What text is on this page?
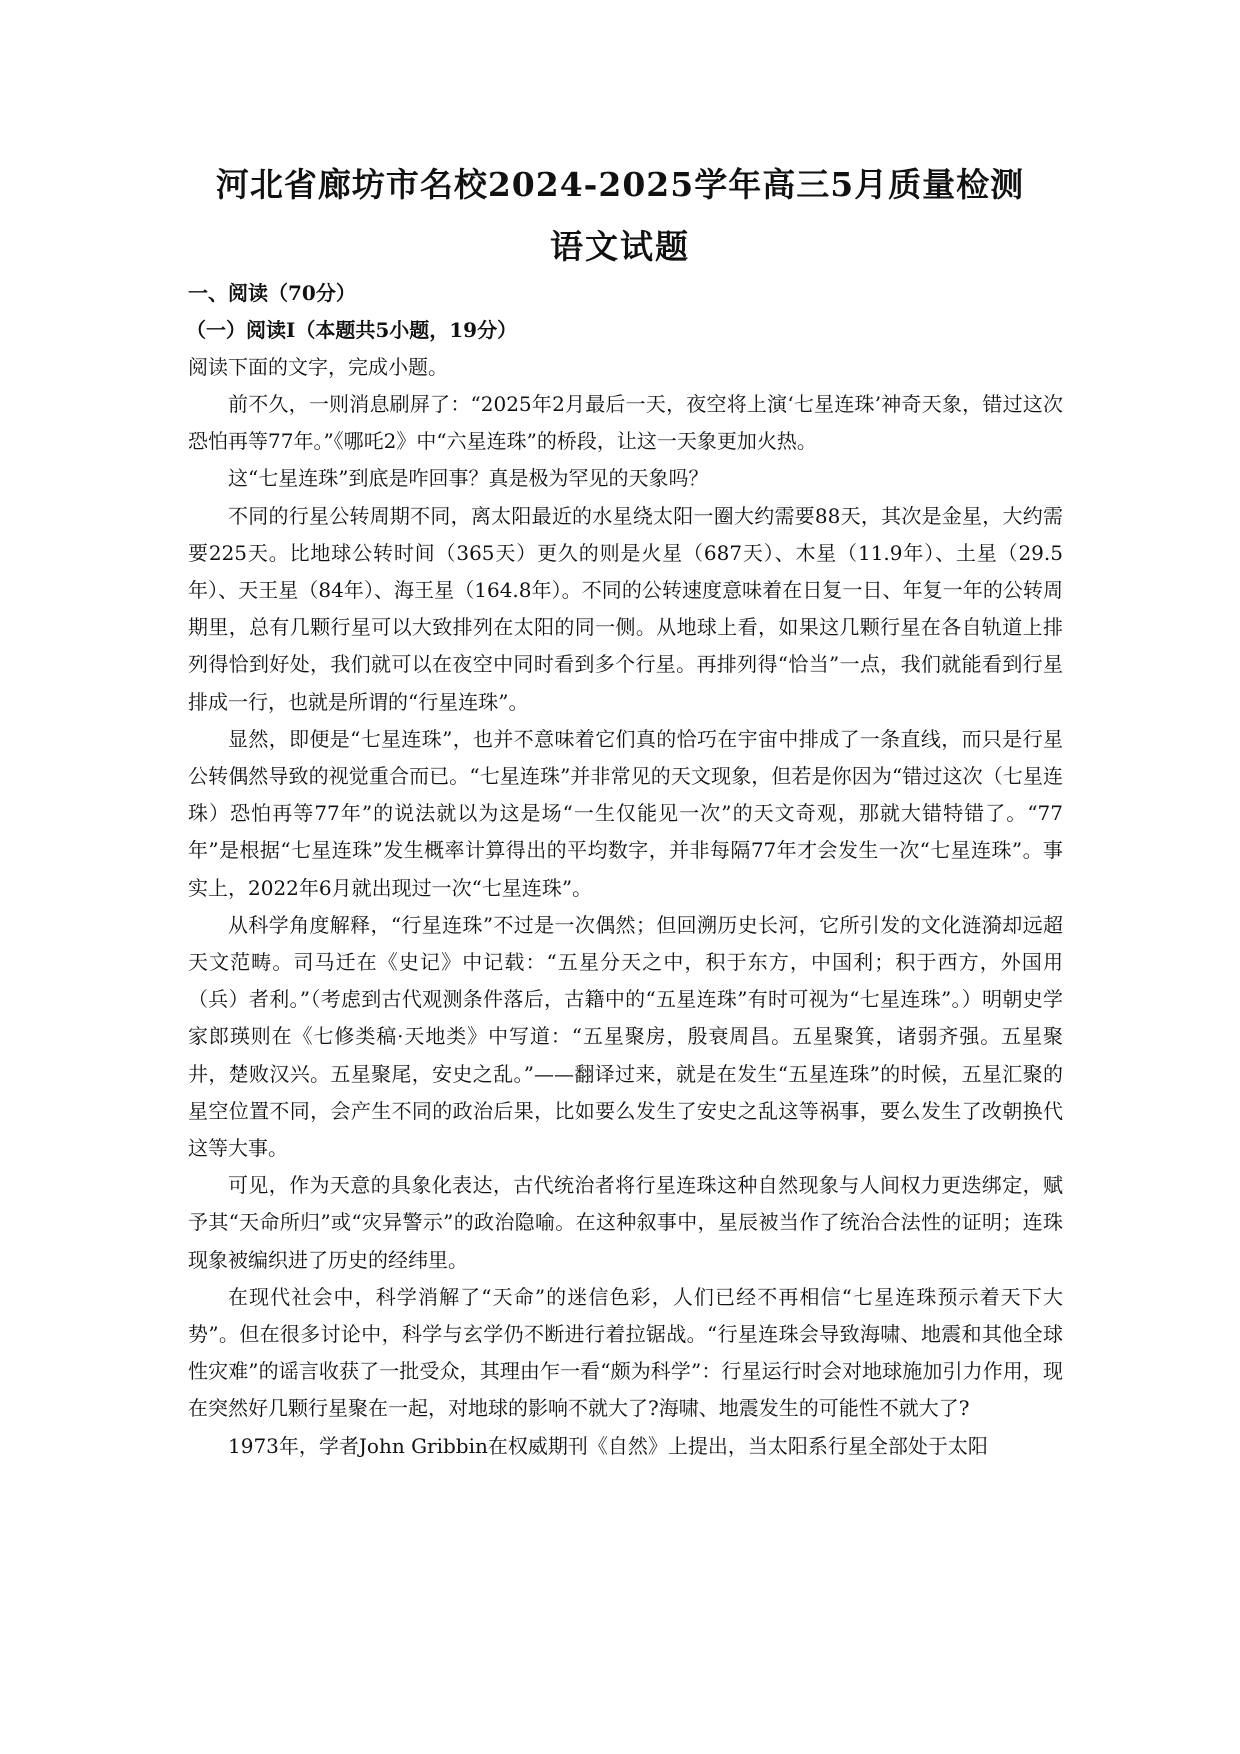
河北省廊坊市名校2024-2025学年高三5月质量检测
语文试题

一、阅读（70分）

（一）阅读I（本题共5小题，19分）

阅读下面的文字，完成小题。

前不久，一则消息刷屏了：“2025年2月最后一天，夜空将上演‘七星连珠’神奇天象，错过这次恐怕再等77年。”《哪吒2》中“六星连珠”的桥段，让这一天象更加火热。

这“七星连珠”到底是咋回事？真是极为罕见的天象吗？

不同的行星公转周期不同，离太阳最近的水星绕太阳一圈大约需要88天，其次是金星，大约需要225天。比地球公转时间（365天）更久的则是火星（687天）、木星（11.9年）、土星（29.5年）、天王星（84年）、海王星（164.8年）。不同的公转速度意味着在日复一日、年复一年的公转周期里，总有几颗行星可以大致排列在太阳的同一侧。从地球上看，如果这几颗行星在各自轨道上排列得恰到好处，我们就可以在夜空中同时看到多个行星。再排列得“恰当”一点，我们就能看到行星排成一行，也就是所谓的“行星连珠”。

显然，即便是“七星连珠”，也并不意味着它们真的恰巧在宇宙中排成了一条直线，而只是行星公转偶然导致的视觉重合而已。“七星连珠”并非常见的天文现象，但若是你因为“错过这次（七星连珠）恐怕再等77年”的说法就以为这是场“一生仅能见一次”的天文奇观，那就大错特错了。“77年”是根据“七星连珠”发生概率计算得出的平均数字，并非每隔77年才会发生一次“七星连珠”。事实上，2022年6月就出现过一次“七星连珠”。

从科学角度解释，“行星连珠”不过是一次偶然；但回溯历史长河，它所引发的文化涟漪却远超天文范畴。司马迁在《史记》中记载：“五星分天之中，积于东方，中国利；积于西方，外国用（兵）者利。”（考虑到古代观测条件落后，古籍中的“五星连珠”有时可视为“七星连珠”。）明朝史学家郎瑛则在《七修类稿·天地类》中写道：“五星聚房，殷衰周昌。五星聚箕，诸弱齐强。五星聚井，楚败汉兴。五星聚尾，安史之乱。”——翻译过来，就是在发生“五星连珠”的时候，五星汇聚的星空位置不同，会产生不同的政治后果，比如要么发生了安史之乱这等祸事，要么发生了改朝换代这等大事。

可见，作为天意的具象化表达，古代统治者将行星连珠这种自然现象与人间权力更迭绑定，赋予其“天命所归”或“灾异警示”的政治隐喻。在这种叙事中，星辰被当作了统治合法性的证明；连珠现象被编织进了历史的经纬里。

在现代社会中，科学消解了“天命”的迷信色彩，人们已经不再相信“七星连珠预示着天下大势”。但在很多讨论中，科学与玄学仍不断进行着拉锯战。“行星连珠会导致海啸、地震和其他全球性灾难”的谣言收获了一批受众，其理由乍一看“颇为科学”：行星运行时会对地球施加引力作用，现在突然好几颗行星聚在一起，对地球的影响不就大了?海啸、地震发生的可能性不就大了?

1973年，学者John Gribbin在权威期刊《自然》上提出，当太阳系行星全部处于太阳
